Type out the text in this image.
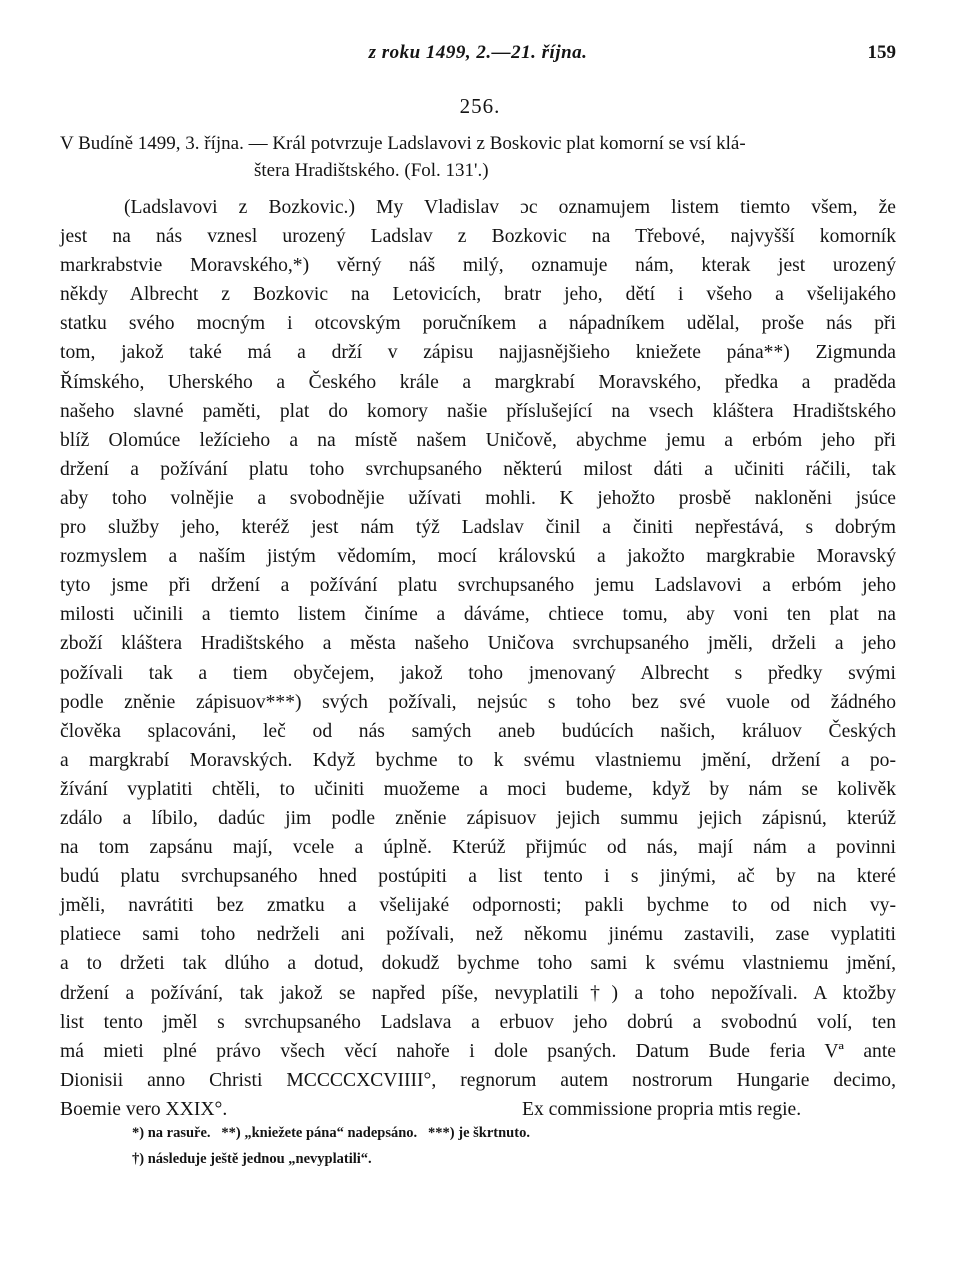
z roku 1499, 2.—21. října.	159
256.
V Budíně 1499, 3. října. — Král potvrzuje Ladslavovi z Boskovic plat komorní se vsí klá-
štera Hradištského. (Fol. 131'.)
(Ladslavovi z Bozkovic.) My Vladislav ɔc oznamujem listem tiemto všem, že
jest na nás vznesl urozený Ladslav z Bozkovic na Třebové, najvyšší komorník
markrabstvie Moravského,*) věrný náš milý, oznamuje nám, kterak jest urozený
někdy Albrecht z Bozkovic na Letovicích, bratr jeho, dětí i všeho a všelijakého
statku svého mocným i otcovským poručníkem a nápadníkem udělal, proše nás při
tom, jakož také má a drží v zápisu najjasnějšieho kniežete pána**) Zigmunda
Římského, Uherského a Českého krále a margkrabí Moravského, předka a praděda
našeho slavné paměti, plat do komory našie příslušející na vsech kláštera Hradištského
blíž Olomúce ležícieho a na místě našem Uničově, abychme jemu a erbóm jeho při
držení a požívání platu toho svrchupsaného některú milost dáti a učiniti ráčili, tak
aby toho volnějie a svobodnějie užívati mohli. K jehožto prosbě nakloněni jsúce
pro služby jeho, kteréž jest nám týž Ladslav činil a činiti nepřestává, s dobrým
rozmyslem a naším jistým vědomím, mocí královskú a jakožto margkrabie Moravský
tyto jsme při držení a požívání platu svrchupsaného jemu Ladslavovi a erbóm jeho
milosti učinili a tiemto listem činíme a dáváme, chtiece tomu, aby voni ten plat na
zboží kláštera Hradištského a města našeho Uničova svrchupsaného jměli, drželi a jeho
požívali tak a tiem obyčejem, jakož toho jmenovaný Albrecht s předky svými
podle zněnie zápisuov***) svých požívali, nejsúc s toho bez své vuole od žádného
člověka splacováni, leč od nás samých aneb budúcích našich, králuov Českých
a margkrabí Moravských. Když bychme to k svému vlastniemu jmění, držení a po-
žívání vyplatiti chtěli, to učiniti muožeme a moci budeme, když by nám se kolivěk
zdálo a líbilo, dadúc jim podle zněnie zápisuov jejich summu jejich zápisnú, kterúž
na tom zapsánu mají, vcele a úplně. Kterúž přijmúc od nás, mají nám a povinni
budú platu svrchupsaného hned postúpiti a list tento i s jinými, ač by na které
jměli, navrátiti bez zmatku a všelijaké odpornosti; pakli bychme to od nich vy-
platiece sami toho nedrželi ani požívali, než někomu jinému zastavili, zase vyplatiti
a to držeti tak dlúho a dotud, dokudž bychme toho sami k svému vlastniemu jmění,
držení a požívání, tak jakož se napřed píše, nevyplatili†) a toho nepožívali. A ktožby
list tento jměl s svrchupsaného Ladslava a erbuov jeho dobrú a svobodnú volí, ten
má mieti plné právo všech věcí nahoře i dole psaných. Datum Bude feria Vª ante
Dionisii anno Christi MCCCCXCVIIII°, regnorum autem nostrorum Hungarie decimo,
Boemie vero XXIX°.	Ex commissione propria mtis regie.
*) na rasuře.   **) „kniežete pána“ nadepsáno.   ***) je škrtnuto.
†) následuje ještě jednou „nevyplatili“.
